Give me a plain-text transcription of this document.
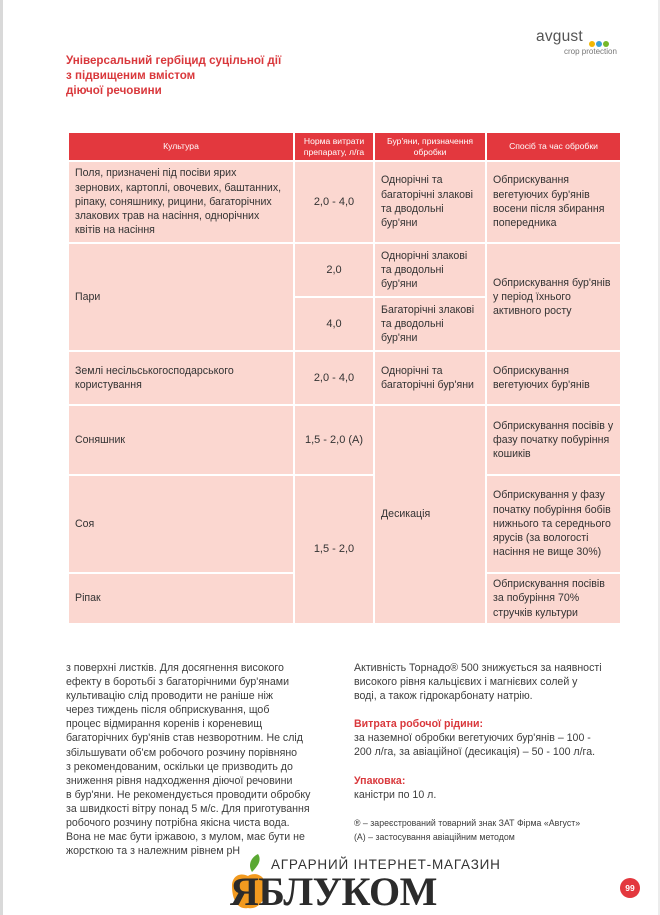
Універсальний гербіцид суцільної дії
з підвищеним вмістом
діючої речовини
avgust
crop protection
Культура	Норма витрати препарату, л/га	Бур'яни, призначення обробки	Спосіб та час обробки
Поля, призначені під посіви ярих зернових, картоплі, овочевих, баштанних, ріпаку, соняшнику, рицини, багаторічних злакових трав на насіння, однорічних квітів на насіння	2,0 - 4,0	Однорічні та багаторічні злакові та дводольні бур'яни	Обприскування вегетуючих бур'янів восени після збирання попередника
Пари	2,0	Однорічні злакові та дводольні бур'яни	Обприскування бур'янів у період їхнього активного росту
	4,0	Багаторічні злакові та дводольні бур'яни	
Землі несільськогосподарського користування	2,0 - 4,0	Однорічні та багаторічні бур'яни	Обприскування вегетуючих бур'янів
Соняшник	1,5 - 2,0 (А)	Десикація	Обприскування посівів у фазу початку побуріння кошиків
Соя	1,5 - 2,0		Обприскування у фазу початку побуріння бобів нижнього та середнього ярусів (за вологості насіння не вище 30%)
Ріпак			Обприскування посівів за побуріння 70% стручків культури
з поверхні листків. Для досягнення високого
ефекту в боротьбі з багаторічними бур'янами
культивацію слід проводити не раніше ніж
через тиждень після обприскування, щоб
процес відмирання коренів і кореневищ
багаторічних бур'янів став незворотним. Не слід
збільшувати об'єм робочого розчину порівняно
з рекомендованим, оскільки це призводить до
зниження рівня надходження діючої речовини
в бур'яни. Не рекомендується проводити обробку
за швидкості вітру понад 5 м/с. Для приготування
робочого розчину потрібна якісна чиста вода.
Вона не має бути іржавою, з мулом, має бути не
жорсткою та з належним рівнем pH
Активність Торнадо® 500 знижується за наявності
високого рівня кальцієвих і магнієвих солей у
воді, а також гідрокарбонату натрію.
Витрата робочої рідини:
за наземної обробки вегетуючих бур'янів – 100 -
200 л/га, за авіаційної (десикація) – 50 - 100 л/га.
Упаковка:
каністри по 10 л.
® – зареєстрований товарний знак ЗАТ Фірма «Август»
(А) – застосування авіаційним методом
АГРАРНИЙ ІНТЕРНЕТ-МАГАЗИН
ЯБЛУКОМ	99
